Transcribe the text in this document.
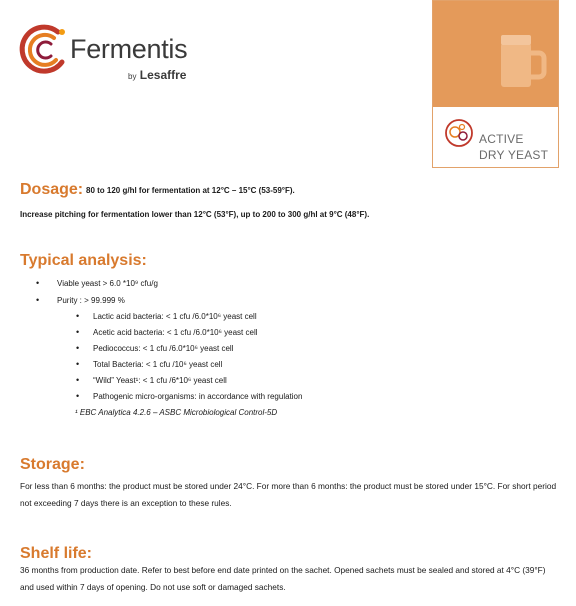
Fermentis
by Lesaffre
ACTIVE
DRY YEAST
Dosage: 80 to 120 g/hl for fermentation at 12°C – 15°C (53-59°F).
Increase pitching for fermentation lower than 12°C (53°F), up to 200 to 300 g/hl at 9°C (48°F).
Typical analysis:
• Viable yeast > 6.0 *10⁹ cfu/g
• Purity : > 99.999 %
• Lactic acid bacteria: < 1 cfu /6.0*10⁶ yeast cell
• Acetic acid bacteria: < 1 cfu /6.0*10⁶ yeast cell
• Pediococcus: < 1 cfu /6.0*10⁶ yeast cell
• Total Bacteria: < 1 cfu /10⁶ yeast cell
• “Wild” Yeast¹: < 1 cfu /6*10⁶ yeast cell
• Pathogenic micro-organisms: in accordance with regulation
¹ EBC Analytica 4.2.6 – ASBC Microbiological Control-5D
Storage:
For less than 6 months: the product must be stored under 24°C. For more than 6 months: the product must be stored under 15°C. For short period not exceeding 7 days there is an exception to these rules.
Shelf life:
36 months from production date. Refer to best before end date printed on the sachet. Opened sachets must be sealed and stored at 4°C (39°F) and used within 7 days of opening. Do not use soft or damaged sachets.
